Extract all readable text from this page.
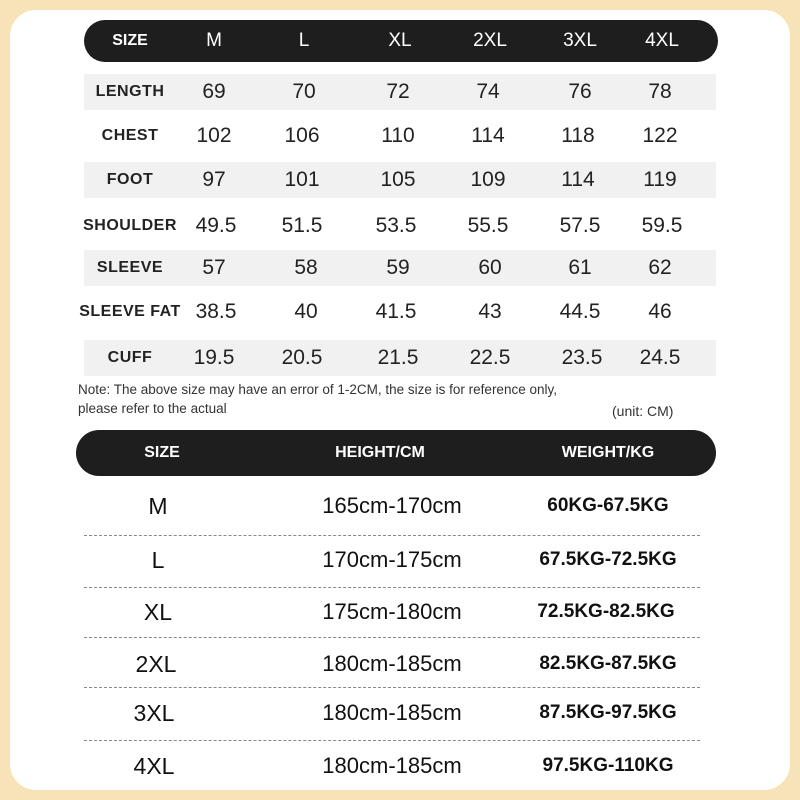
SIZE	M	L	XL	2XL	3XL	4XL
LENGTH 69	70	72	74	76	78
CHEST 102	106	110	114	118 122
FOOT 97	101	105	109	114 119
SHOULDER 49.5 51.5	53.5 55.5 57.5 59.5
SLEEVE 57	58	59	60	61	62
SLEEVE FAT 38.5	40	41.5	43	44.5 46
CUFF 19.5 20.5	21.5 22.5 23.5 24.5
Note: The above size may have an error of 1-2CM, the size is for reference only,
please refer to the actual	(unit: CM)
SIZE	HEIGHT/CM	WEIGHT/KG
M	165cm-170cm	60KG-67.5KG
L	170cm-175cm	67.5KG-72.5KG
XL	175cm-180cm	72.5KG-82.5KG
2XL	180cm-185cm	82.5KG-87.5KG
3XL	180cm-185cm	87.5KG-97.5KG
4XL	180cm-185cm	97.5KG-110KG
